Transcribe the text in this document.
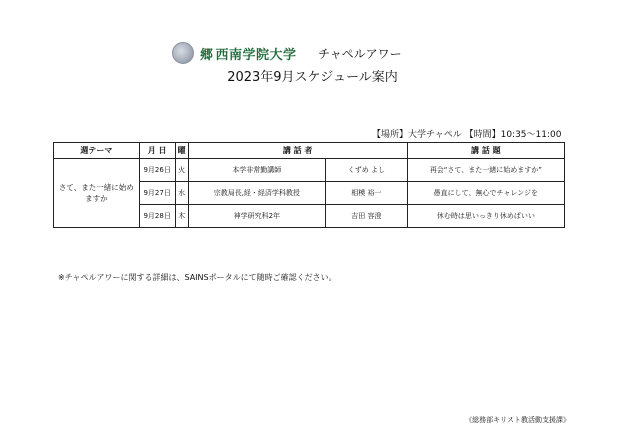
郷 西南学院大学 チャペルアワー
2023年9月スケジュール案内
【場所】大学チャペル 【時間】10:35～11:00
週テーマ	月 日	曜	講 話 者		講 話 題
さて、また一緒に始めますか	9月26日	火	本学非常勤講師	くずめ よし	再会“さて、また一緒に始めますか”
	9月27日	水	宗教局長,経・経済学科教授	相模 裕一	愚直にして、無心でチャレンジを
	9月28日	木	神学研究科2年	吉田 容澄	休む時は思いっきり休めばいい
※チャペルアワーに関する詳細は、SAINSポータルにて随時ご確認ください。
《総務部キリスト教活動支援課》
